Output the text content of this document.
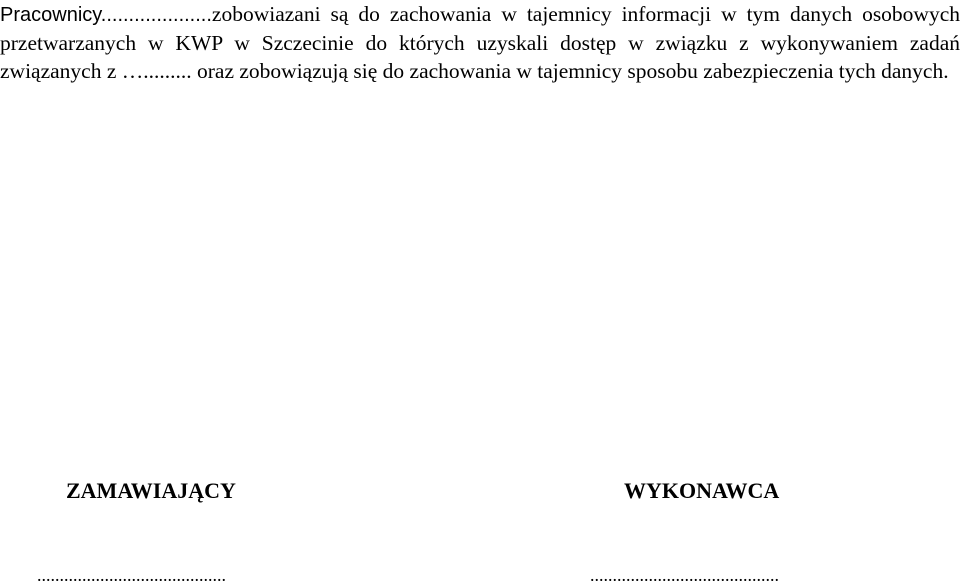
Pracownicy....................zobowiazani są do zachowania w tajemnicy informacji w tym danych osobowych przetwarzanych w KWP w Szczecinie do których uzyskali dostęp w związku z wykonywaniem zadań związanych z …......... oraz zobowiązują się do zachowania w tajemnicy sposobu zabezpieczenia tych danych.

ZAMAWIAJĄCY	WYKONAWCA
..........................................	..........................................
